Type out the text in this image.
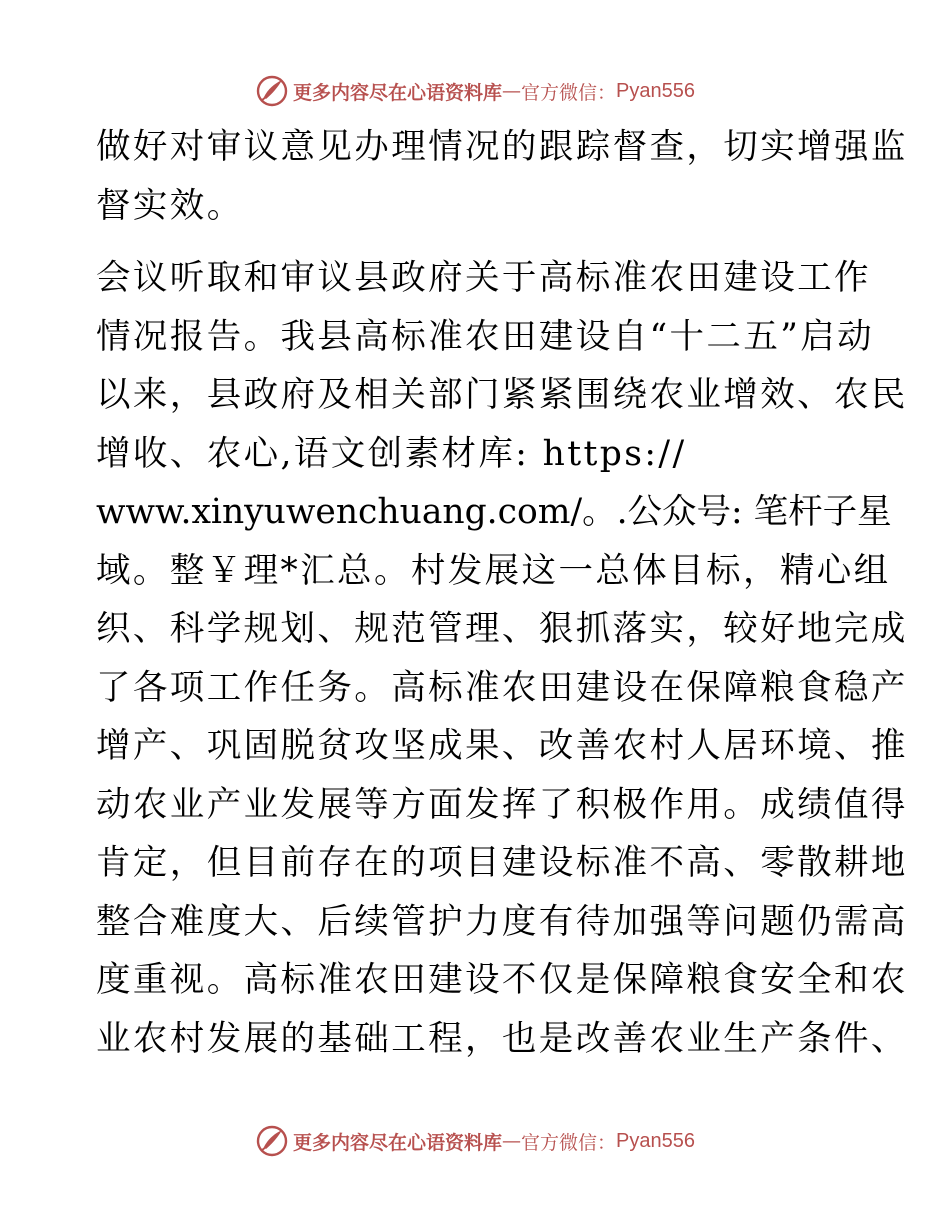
更多内容尽在心语资料库 — 官方微信： Pyan556
做好对审议意见办理情况的跟踪督查，切实增强监
督实效。
会议听取和审议县政府关于高标准农田建设工作
情况报告。我县高标准农田建设自“十二五”启动
以来，县政府及相关部门紧紧围绕农业增效、农民
增收、农心,语文创素材库: https://
www.xinyuwenchuang.com/。.公众号: 笔杆子星
域。整￥理*汇总。村发展这一总体目标，精心组
织、科学规划、规范管理、狠抓落实，较好地完成
了各项工作任务。高标准农田建设在保障粮食稳产
增产、巩固脱贫攻坚成果、改善农村人居环境、推
动农业产业发展等方面发挥了积极作用。成绩值得
肯定，但目前存在的项目建设标准不高、零散耕地
整合难度大、后续管护力度有待加强等问题仍需高
度重视。高标准农田建设不仅是保障粮食安全和农
业农村发展的基础工程，也是改善农业生产条件、
更多内容尽在心语资料库 — 官方微信： Pyan556
